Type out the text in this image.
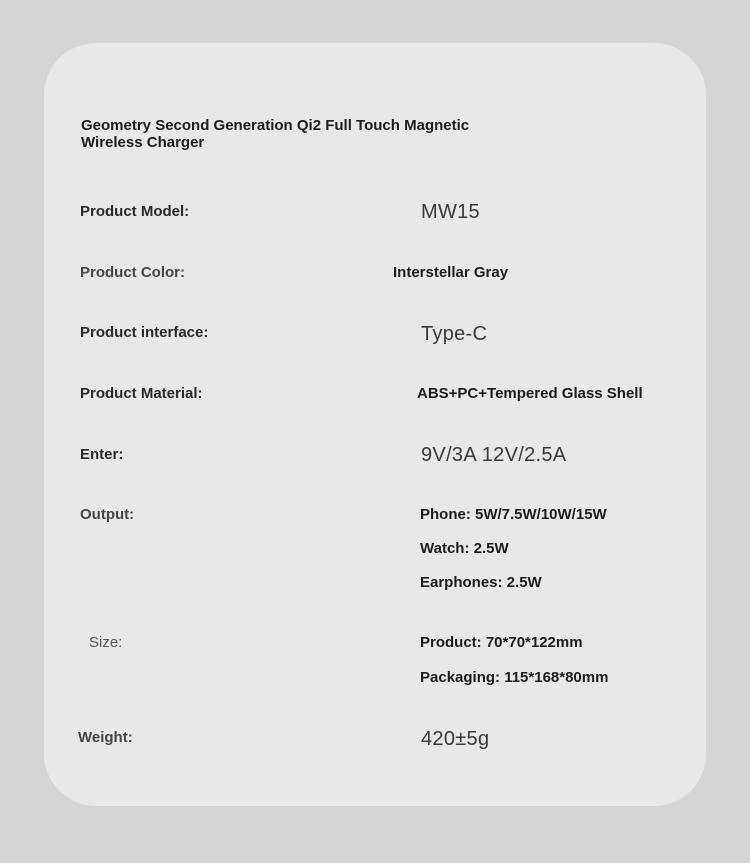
Geometry Second Generation Qi2 Full Touch Magnetic Wireless Charger

Product Model:	MW15
Product Color:	Interstellar Gray
Product interface:	Type-C
Product Material:	ABS+PC+Tempered Glass Shell
Enter:	9V/3A 12V/2.5A
Output:	Phone: 5W/7.5W/10W/15W
Watch: 2.5W
Earphones: 2.5W
Size:	Product: 70*70*122mm
Packaging: 115*168*80mm
Weight:	420±5g
